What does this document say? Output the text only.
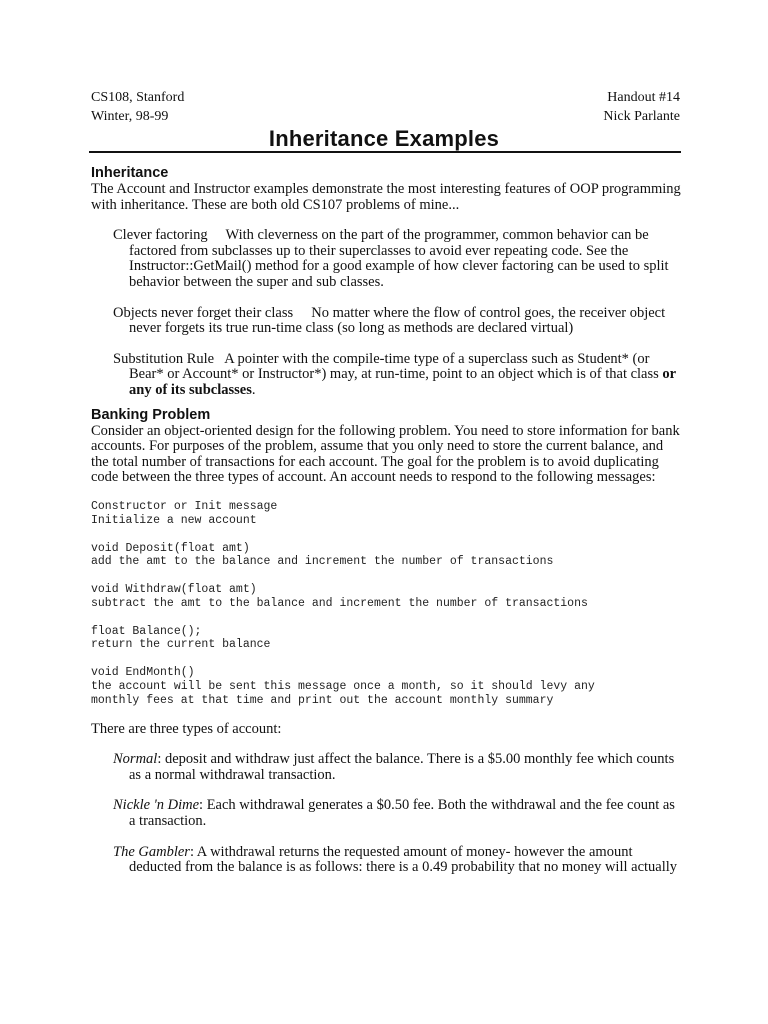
CS108, Stanford
Winter, 98-99
Handout #14
Nick Parlante
Inheritance Examples
Inheritance

The Account and Instructor examples demonstrate the most interesting features of OOP programming with inheritance. These are both old CS107 problems of mine...

Clever factoring With cleverness on the part of the programmer, common behavior can be factored from subclasses up to their superclasses to avoid ever repeating code. See the Instructor::GetMail() method for a good example of how clever factoring can be used to split behavior between the super and sub classes.
Objects never forget their class No matter where the flow of control goes, the receiver object never forgets its true run-time class (so long as methods are declared virtual)
Substitution Rule A pointer with the compile-time type of a superclass such as Student* (or Bear* or Account* or Instructor*) may, at run-time, point to an object which is of that class or any of its subclasses.
Banking Problem

Consider an object-oriented design for the following problem. You need to store information for bank accounts. For purposes of the problem, assume that you only need to store the current balance, and the total number of transactions for each account. The goal for the problem is to avoid duplicating code between the three types of account. An account needs to respond to the following messages:

Constructor or Init message
Initialize a new account
void Deposit(float amt)
add the amt to the balance and increment the number of transactions
void Withdraw(float amt)
subtract the amt to the balance and increment the number of transactions
float Balance();
return the current balance
void EndMonth()
the account will be sent this message once a month, so it should levy any
monthly fees at that time and print out the account monthly summary

There are three types of account:

Normal: deposit and withdraw just affect the balance. There is a $5.00 monthly fee which counts as a normal withdrawal transaction.
Nickle 'n Dime: Each withdrawal generates a $0.50 fee. Both the withdrawal and the fee count as a transaction.
The Gambler: A withdrawal returns the requested amount of money- however the amount deducted from the balance is as follows: there is a 0.49 probability that no money will actually
